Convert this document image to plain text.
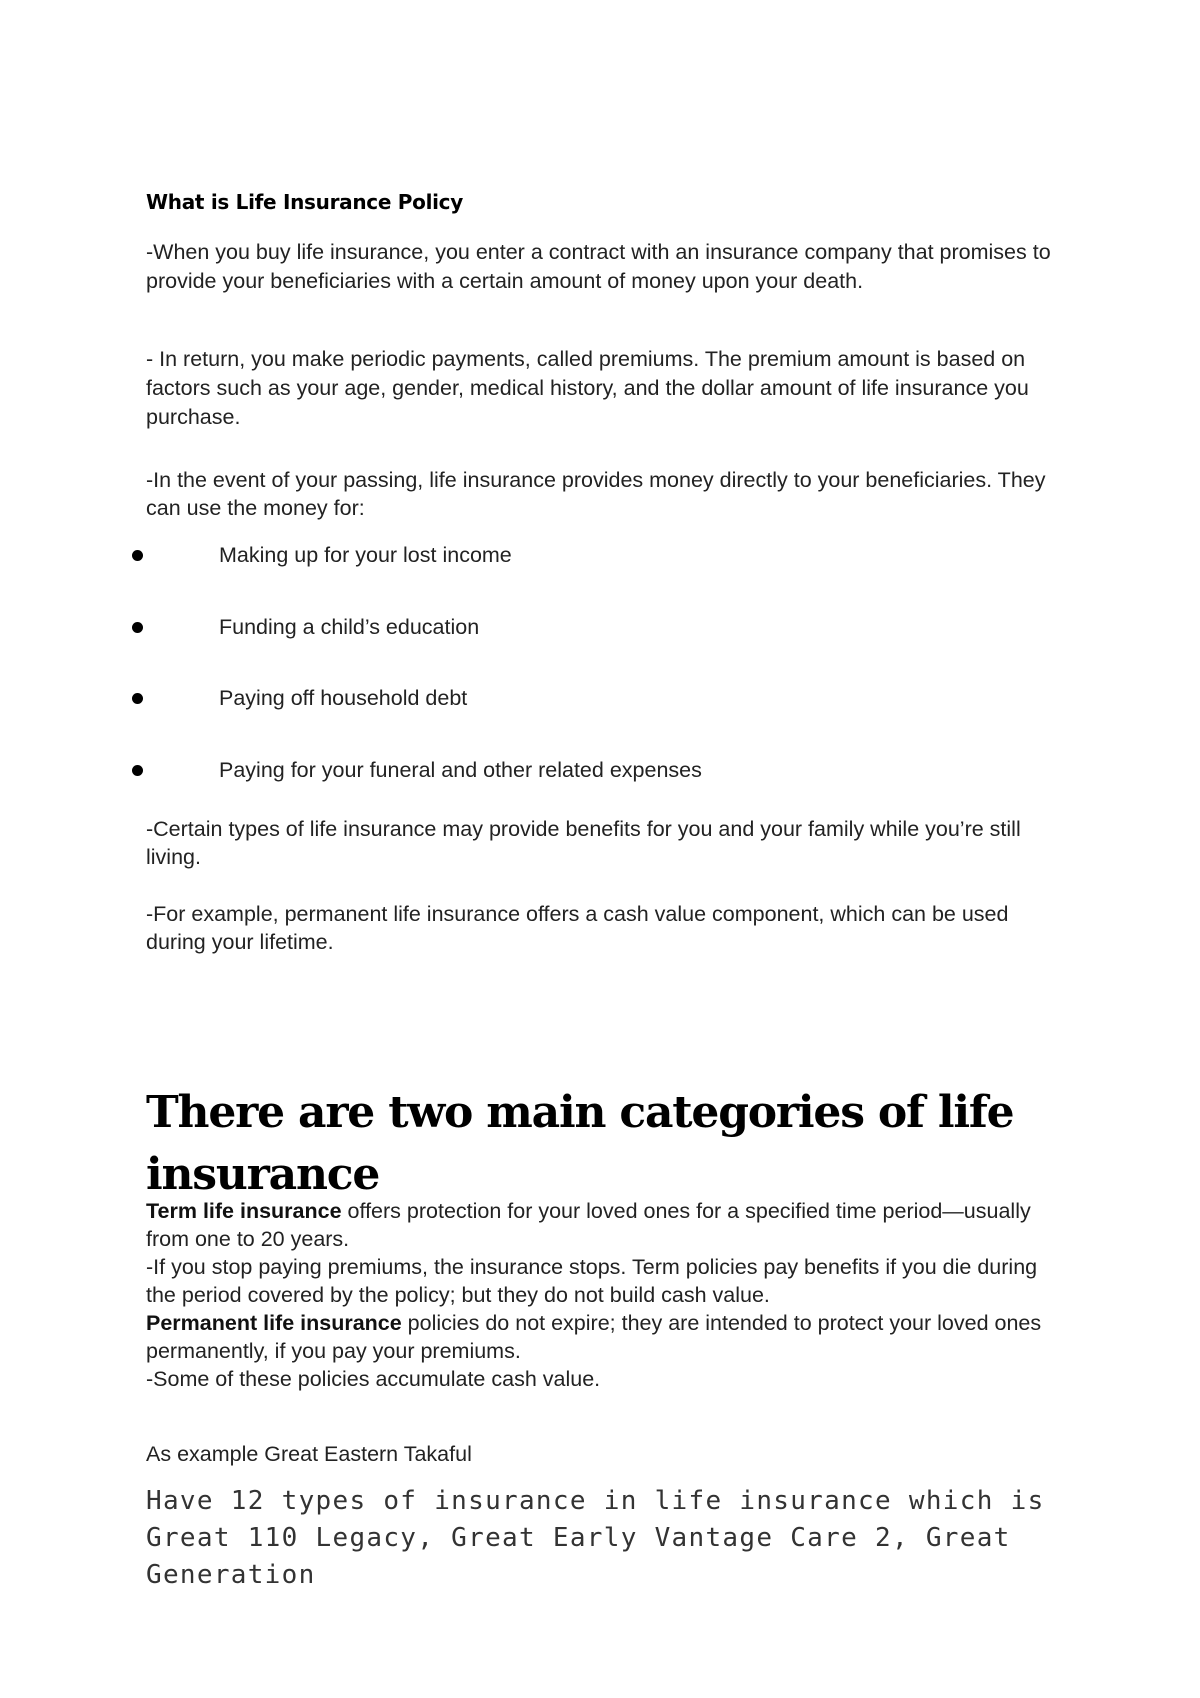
What is Life Insurance Policy

-When you buy life insurance, you enter a contract with an insurance company that promises to provide your beneficiaries with a certain amount of money upon your death.

- In return, you make periodic payments, called premiums. The premium amount is based on factors such as your age, gender, medical history, and the dollar amount of life insurance you purchase.

-In the event of your passing, life insurance provides money directly to your beneficiaries. They can use the money for:

Making up for your lost income
Funding a child’s education
Paying off household debt
Paying for your funeral and other related expenses

-Certain types of life insurance may provide benefits for you and your family while you’re still living.

-For example, permanent life insurance offers a cash value component, which can be used during your lifetime.

There are two main categories of life insurance
Term life insurance offers protection for your loved ones for a specified time period—usually from one to 20 years.
-If you stop paying premiums, the insurance stops. Term policies pay benefits if you die during the period covered by the policy; but they do not build cash value.
Permanent life insurance policies do not expire; they are intended to protect your loved ones permanently, if you pay your premiums.
-Some of these policies accumulate cash value.

As example Great Eastern Takaful

Have 12 types of insurance in life insurance which is Great 110 Legacy, Great Early Vantage Care 2, Great Generation
